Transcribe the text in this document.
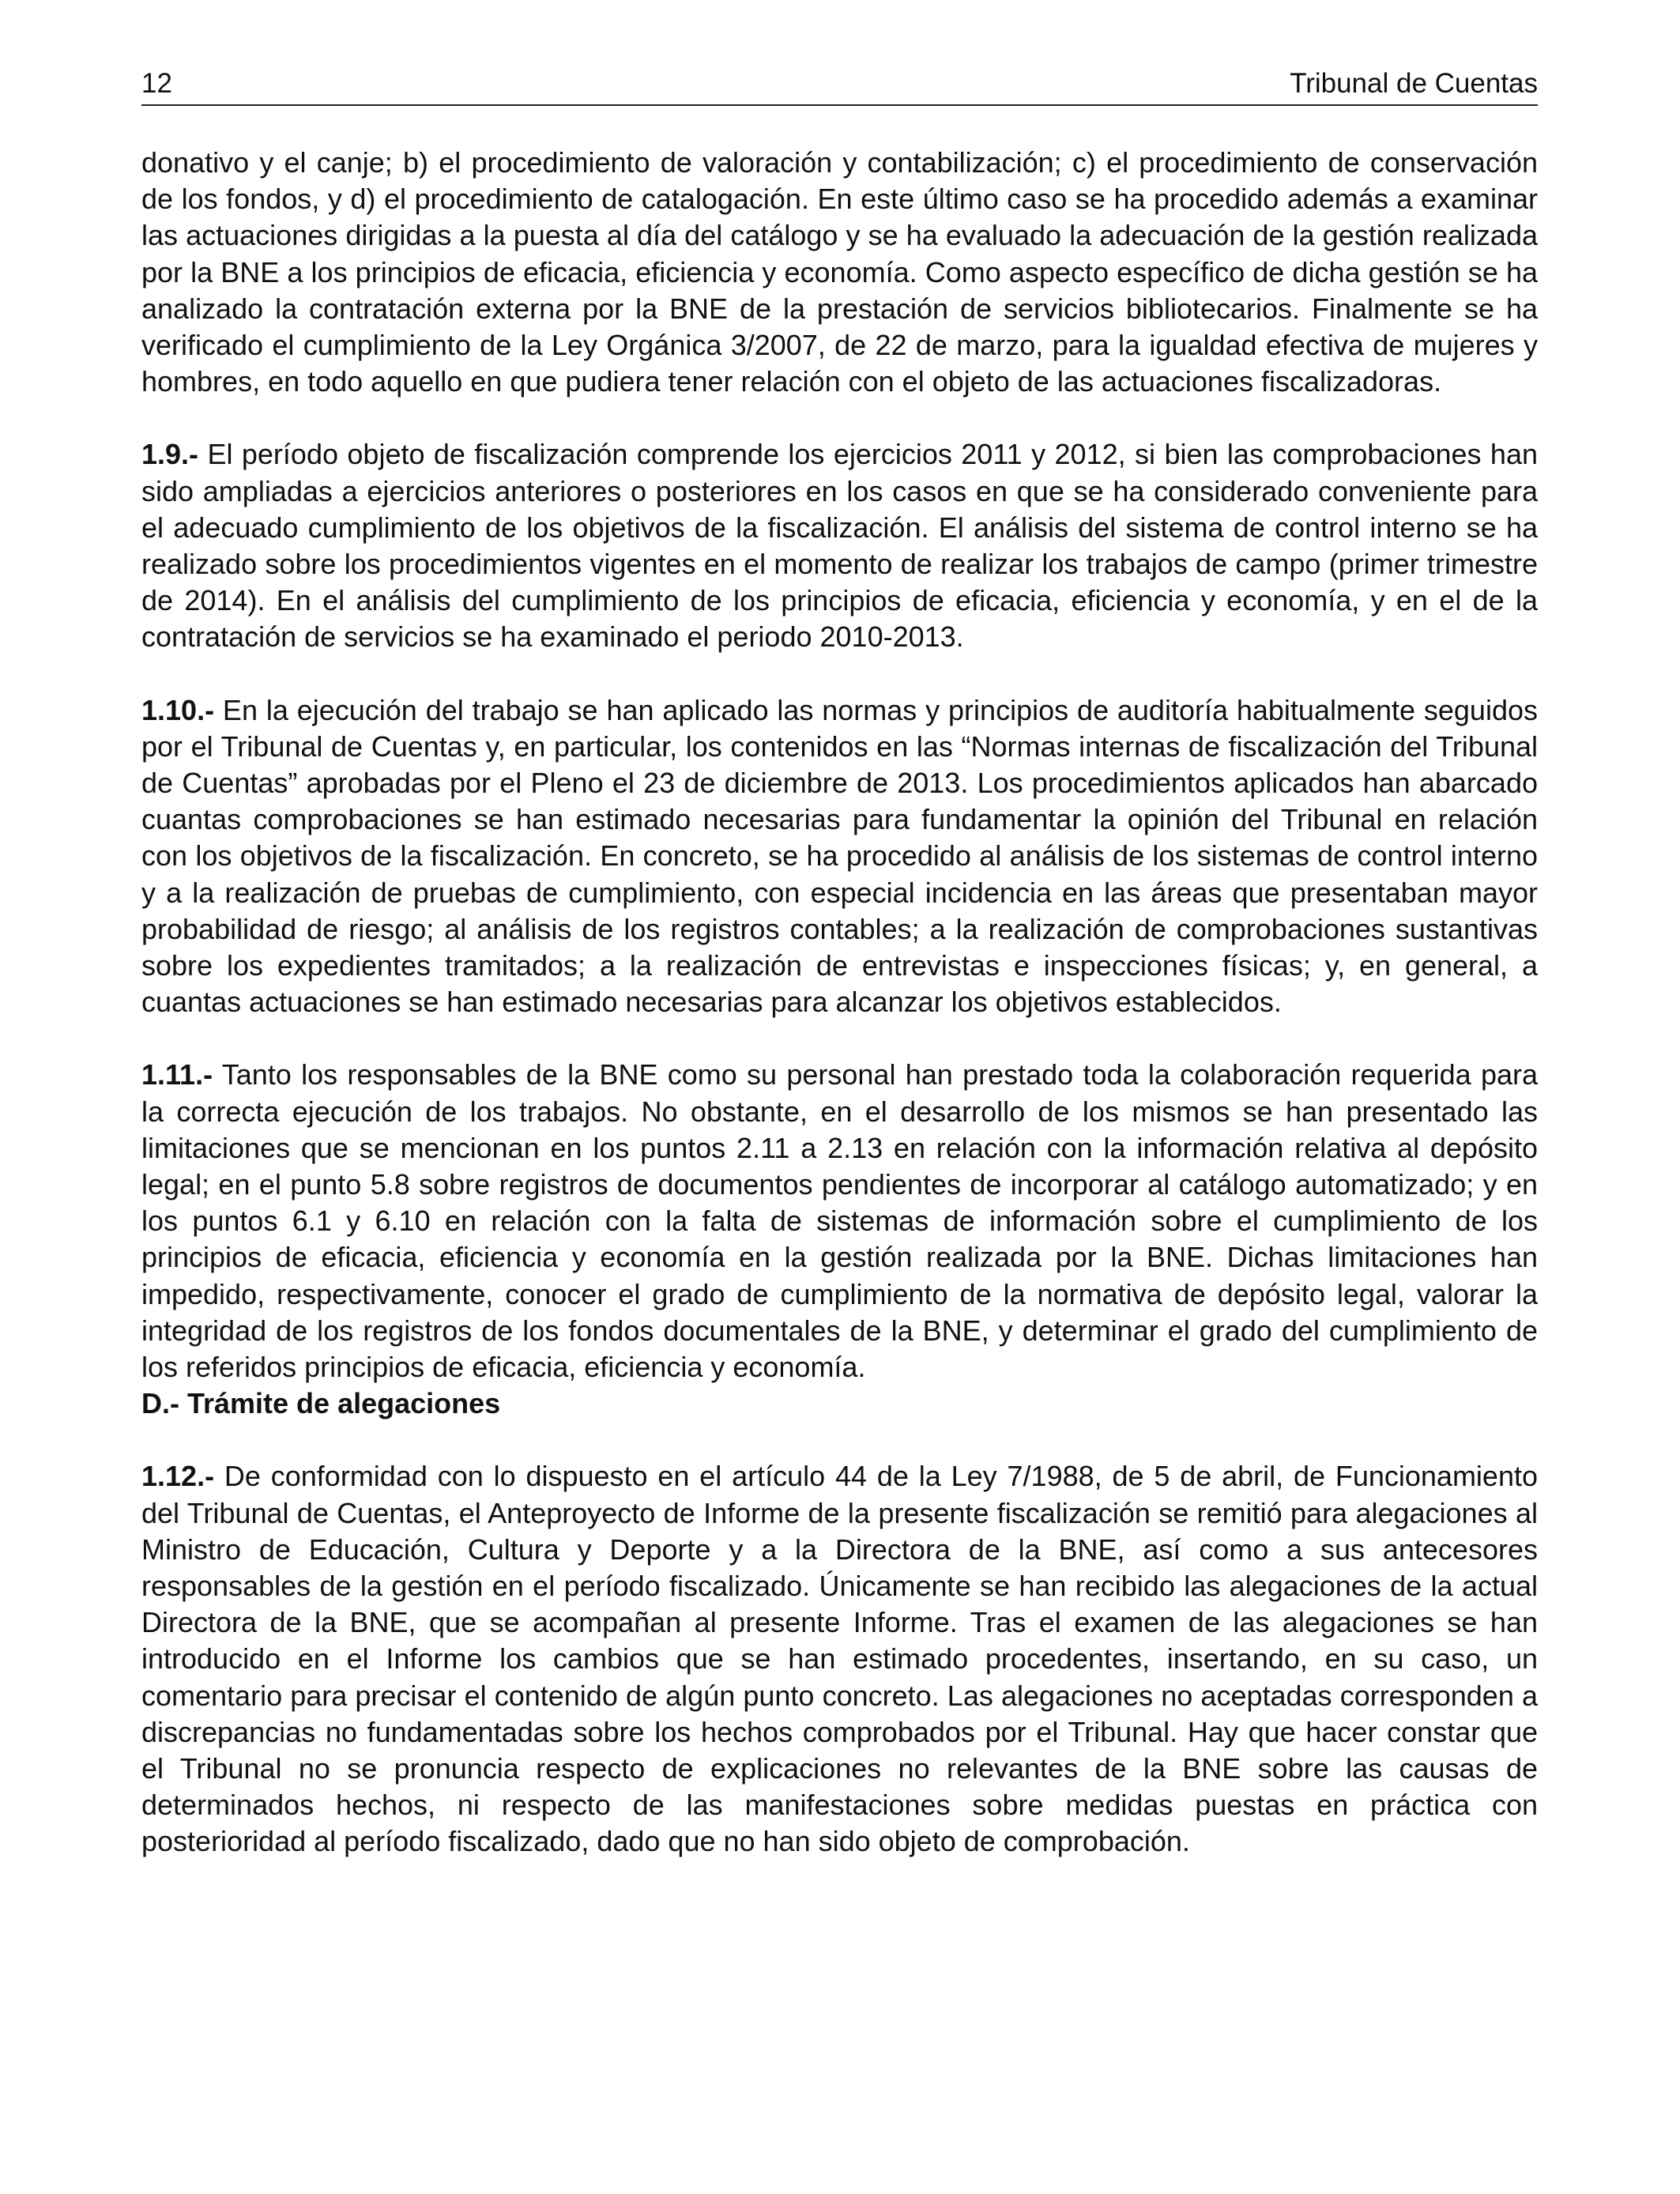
12	Tribunal de Cuentas

donativo y el canje; b) el procedimiento de valoración y contabilización; c) el procedimiento de conservación de los fondos, y d) el procedimiento de catalogación. En este último caso se ha procedido además a examinar las actuaciones dirigidas a la puesta al día del catálogo y se ha evaluado la adecuación de la gestión realizada por la BNE a los principios de eficacia, eficiencia y economía. Como aspecto específico de dicha gestión se ha analizado la contratación externa por la BNE de la prestación de servicios bibliotecarios. Finalmente se ha verificado el cumplimiento de la Ley Orgánica 3/2007, de 22 de marzo, para la igualdad efectiva de mujeres y hombres, en todo aquello en que pudiera tener relación con el objeto de las actuaciones fiscalizadoras.

1.9.- El período objeto de fiscalización comprende los ejercicios 2011 y 2012, si bien las comprobaciones han sido ampliadas a ejercicios anteriores o posteriores en los casos en que se ha considerado conveniente para el adecuado cumplimiento de los objetivos de la fiscalización. El análisis del sistema de control interno se ha realizado sobre los procedimientos vigentes en el momento de realizar los trabajos de campo (primer trimestre de 2014). En el análisis del cumplimiento de los principios de eficacia, eficiencia y economía, y en el de la contratación de servicios se ha examinado el periodo 2010-2013.

1.10.- En la ejecución del trabajo se han aplicado las normas y principios de auditoría habitualmente seguidos por el Tribunal de Cuentas y, en particular, los contenidos en las “Normas internas de fiscalización del Tribunal de Cuentas” aprobadas por el Pleno el 23 de diciembre de 2013. Los procedimientos aplicados han abarcado cuantas comprobaciones se han estimado necesarias para fundamentar la opinión del Tribunal en relación con los objetivos de la fiscalización. En concreto, se ha procedido al análisis de los sistemas de control interno y a la realización de pruebas de cumplimiento, con especial incidencia en las áreas que presentaban mayor probabilidad de riesgo; al análisis de los registros contables; a la realización de comprobaciones sustantivas sobre los expedientes tramitados; a la realización de entrevistas e inspecciones físicas; y, en general, a cuantas actuaciones se han estimado necesarias para alcanzar los objetivos establecidos.

1.11.- Tanto los responsables de la BNE como su personal han prestado toda la colaboración requerida para la correcta ejecución de los trabajos. No obstante, en el desarrollo de los mismos se han presentado las limitaciones que se mencionan en los puntos 2.11 a 2.13 en relación con la información relativa al depósito legal; en el punto 5.8 sobre registros de documentos pendientes de incorporar al catálogo automatizado; y en los puntos 6.1 y 6.10 en relación con la falta de sistemas de información sobre el cumplimiento de los principios de eficacia, eficiencia y economía en la gestión realizada por la BNE. Dichas limitaciones han impedido, respectivamente, conocer el grado de cumplimiento de la normativa de depósito legal, valorar la integridad de los registros de los fondos documentales de la BNE, y determinar el grado del cumplimiento de los referidos principios de eficacia, eficiencia y economía.

D.- Trámite de alegaciones

1.12.- De conformidad con lo dispuesto en el artículo 44 de la Ley 7/1988, de 5 de abril, de Funcionamiento del Tribunal de Cuentas, el Anteproyecto de Informe de la presente fiscalización se remitió para alegaciones al Ministro de Educación, Cultura y Deporte y a la Directora de la BNE, así como a sus antecesores responsables de la gestión en el período fiscalizado. Únicamente se han recibido las alegaciones de la actual Directora de la BNE, que se acompañan al presente Informe. Tras el examen de las alegaciones se han introducido en el Informe los cambios que se han estimado procedentes, insertando, en su caso, un comentario para precisar el contenido de algún punto concreto. Las alegaciones no aceptadas corresponden a discrepancias no fundamentadas sobre los hechos comprobados por el Tribunal. Hay que hacer constar que el Tribunal no se pronuncia respecto de explicaciones no relevantes de la BNE sobre las causas de determinados hechos, ni respecto de las manifestaciones sobre medidas puestas en práctica con posterioridad al período fiscalizado, dado que no han sido objeto de comprobación.
